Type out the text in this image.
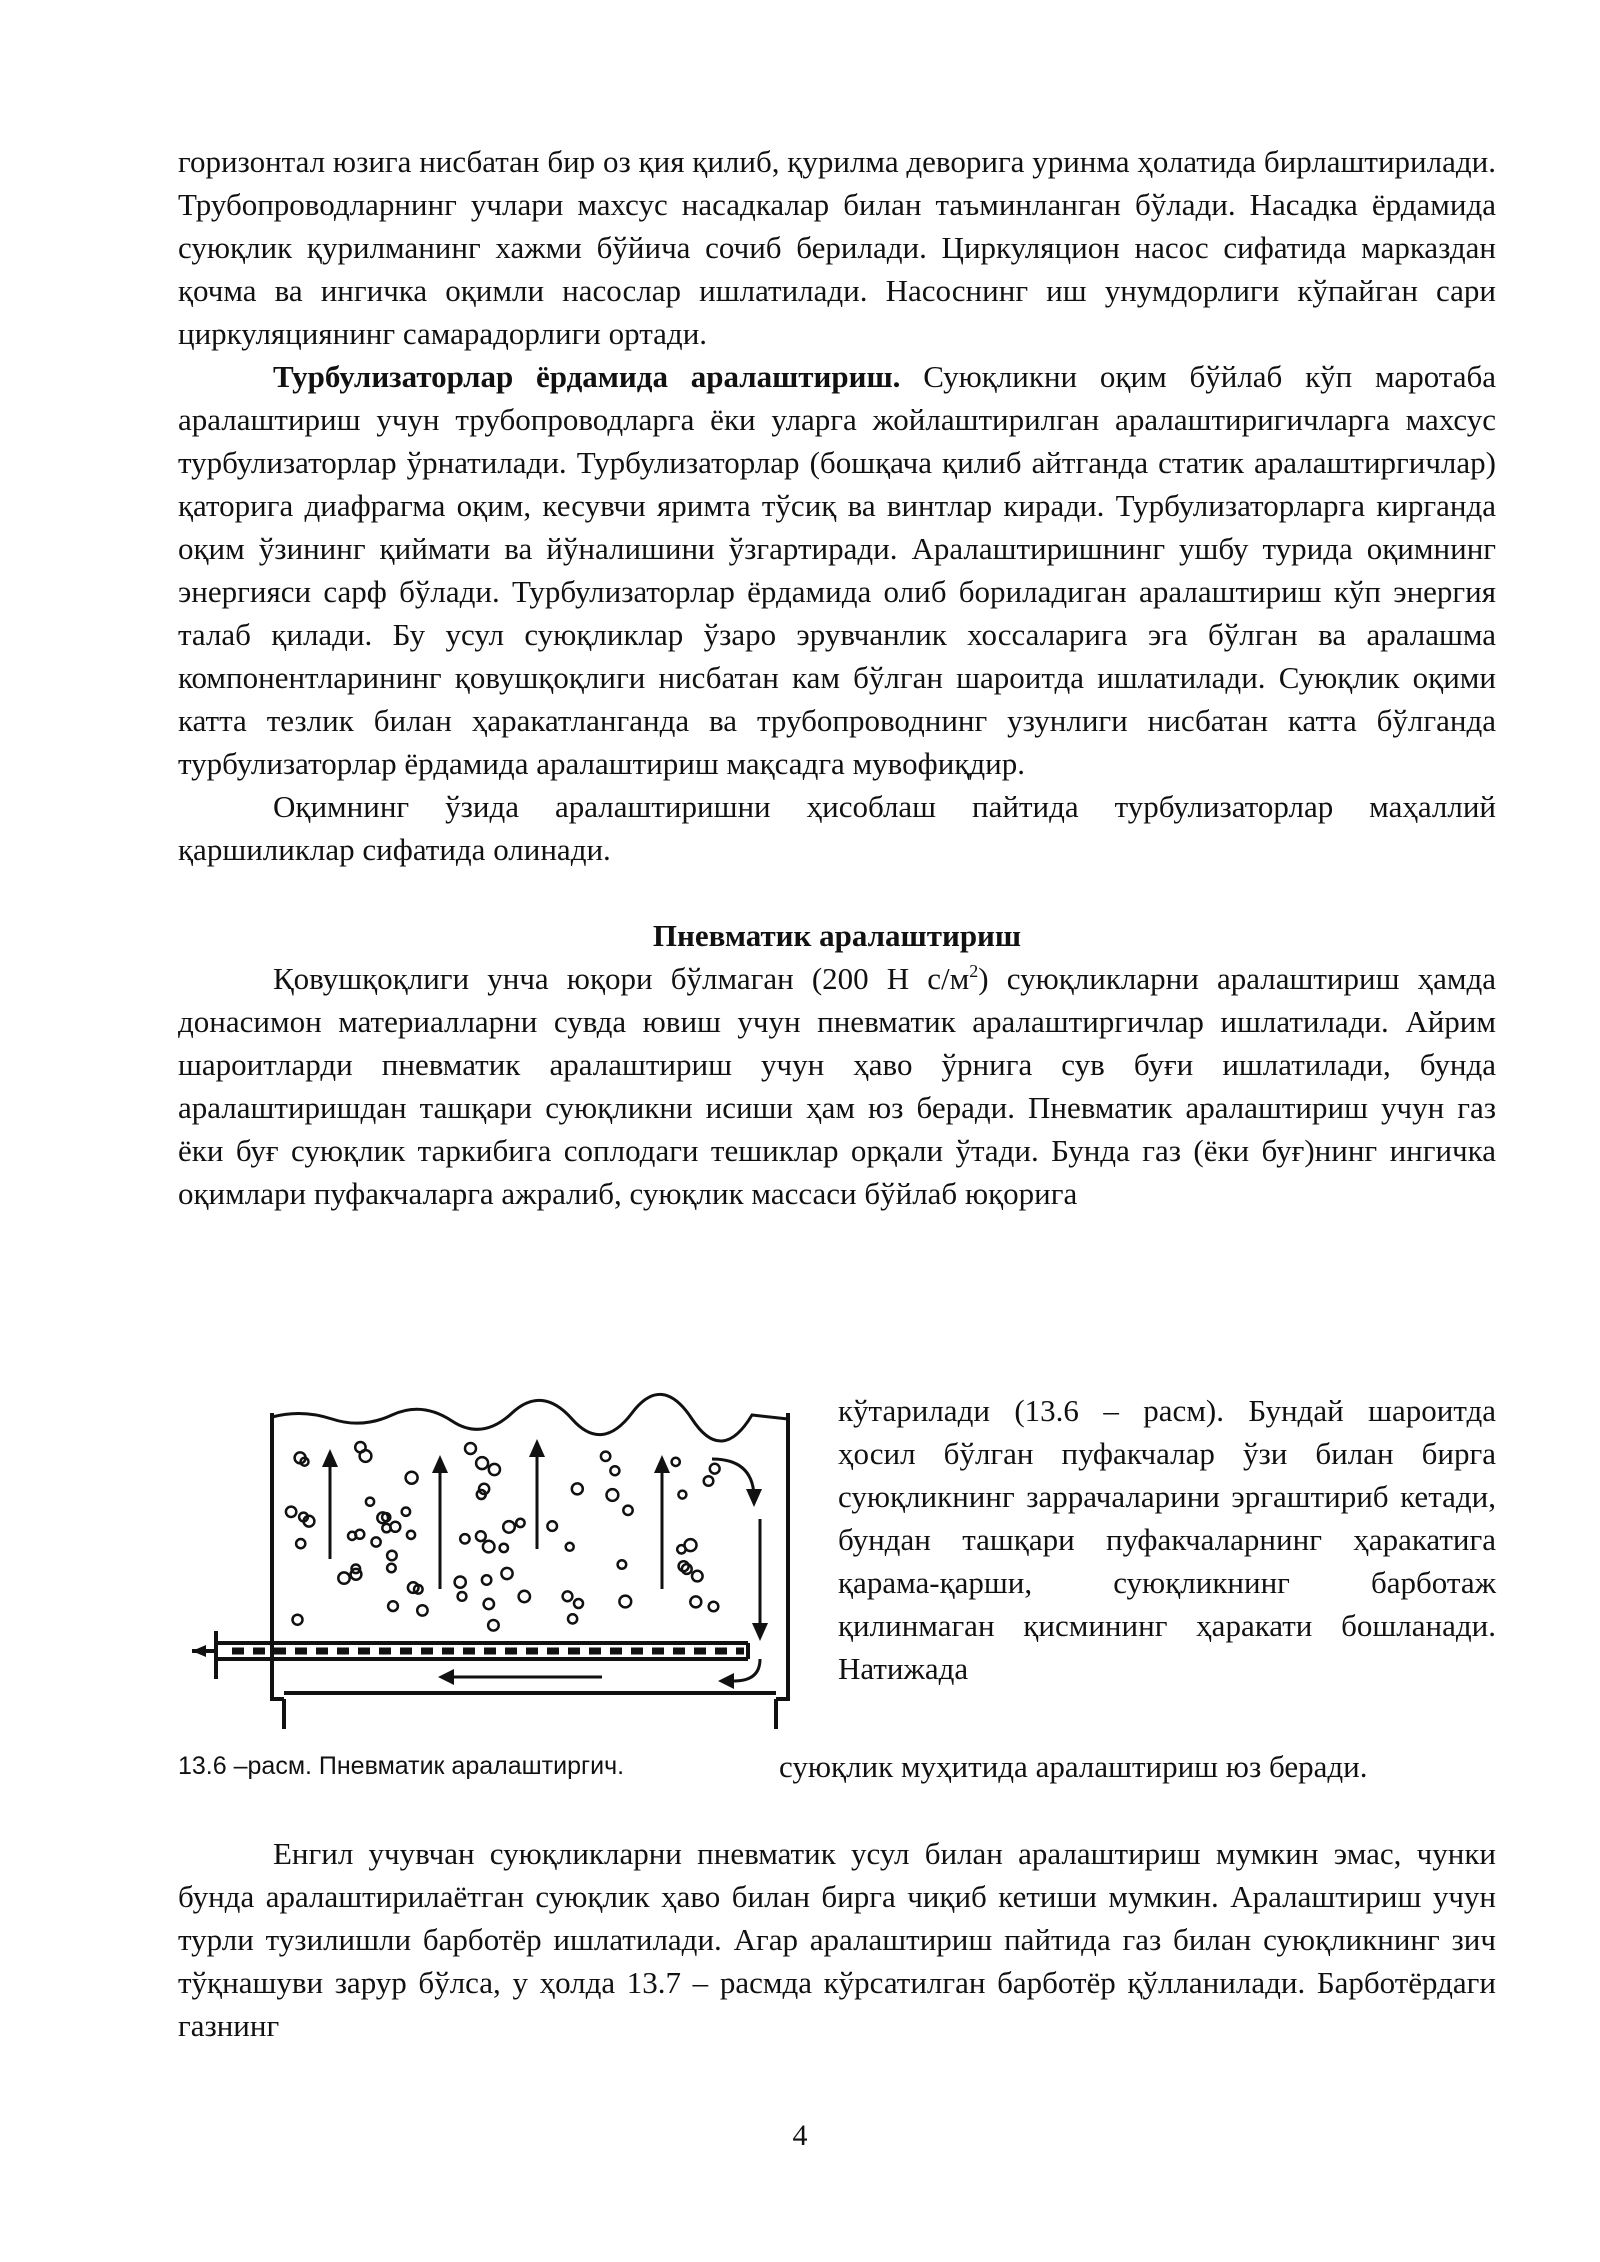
горизонтал юзига нисбатан бир оз қия қилиб, қурилма деворига уринма ҳолатида бирлаштирилади. Трубопроводларнинг учлари махсус насадкалар билан таъминланган бўлади. Насадка ёрдамида суюқлик қурилманинг хажми бўйича сочиб берилади. Циркуляцион насос сифатида марказдан қочма ва ингичка оқимли насослар ишлатилади. Насоснинг иш унумдорлиги кўпайган сари циркуляциянинг самарадорлиги ортади.

Турбулизаторлар ёрдамида аралаштириш. Суюқликни оқим бўйлаб кўп маротаба аралаштириш учун трубопроводларга ёки уларга жойлаштирилган аралаштиригичларга махсус турбулизаторлар ўрнатилади. Турбулизаторлар (бошқача қилиб айтганда статик аралаштиргичлар) қаторига диафрагма оқим, кесувчи яримта тўсиқ ва винтлар киради. Турбулизаторларга кирганда оқим ўзининг қиймати ва йўналишини ўзгартиради. Аралаштиришнинг ушбу турида оқимнинг энергияси сарф бўлади. Турбулизаторлар ёрдамида олиб бориладиган аралаштириш кўп энергия талаб қилади. Бу усул суюқликлар ўзаро эрувчанлик хоссаларига эга бўлган ва аралашма компонентларининг қовушқоқлиги нисбатан кам бўлган шароитда ишлатилади. Суюқлик оқими катта тезлик билан ҳаракатланганда ва трубопроводнинг узунлиги нисбатан катта бўлганда турбулизаторлар ёрдамида аралаштириш мақсадга мувофиқдир.

Оқимнинг ўзида аралаштиришни ҳисоблаш пайтида турбулизаторлар маҳаллий қаршиликлар сифатида олинади.

Пневматик аралаштириш

Қовушқоқлиги унча юқори бўлмаган (200 Н $с/м^2$) суюқликларни аралаштириш ҳамда донасимон материалларни сувда ювиш учун пневматик аралаштиргичлар ишлатилади. Айрим шароитларди пневматик аралаштириш учун ҳаво ўрнига сув буғи ишлатилади, бунда аралаштиришдан ташқари суюқликни исиши ҳам юз беради. Пневматик аралаштириш учун газ ёки буғ суюқлик таркибига соплодаги тешиклар орқали ўтади. Бунда газ (ёки буғ)нинг ингичка оқимлари пуфакчаларга ажралиб, суюқлик массаси бўйлаб юқорига

кўтарилади (13.6 – расм). Бундай шароитда ҳосил бўлган пуфакчалар ўзи билан бирга суюқликнинг заррачаларини эргаштириб кетади, бундан ташқари пуфакчаларнинг ҳаракатига қарама-қарши, суюқликнинг барботаж қилинмаган қисмининг ҳаракати бошланади. Натижада

13.6 –расм. Пневматик аралаштиргич.	суюқлик муҳитида аралаштириш юз беради.

Енгил учувчан суюқликларни пневматик усул билан аралаштириш мумкин эмас, чунки бунда аралаштирилаётган суюқлик ҳаво билан бирга чиқиб кетиши мумкин. Аралаштириш учун турли тузилишли барботёр ишлатилади. Агар аралаштириш пайтида газ билан суюқликнинг зич тўқнашуви зарур бўлса, у ҳолда 13.7 – расмда кўрсатилган барботёр қўлланилади. Барботёрдаги газнинг

4
